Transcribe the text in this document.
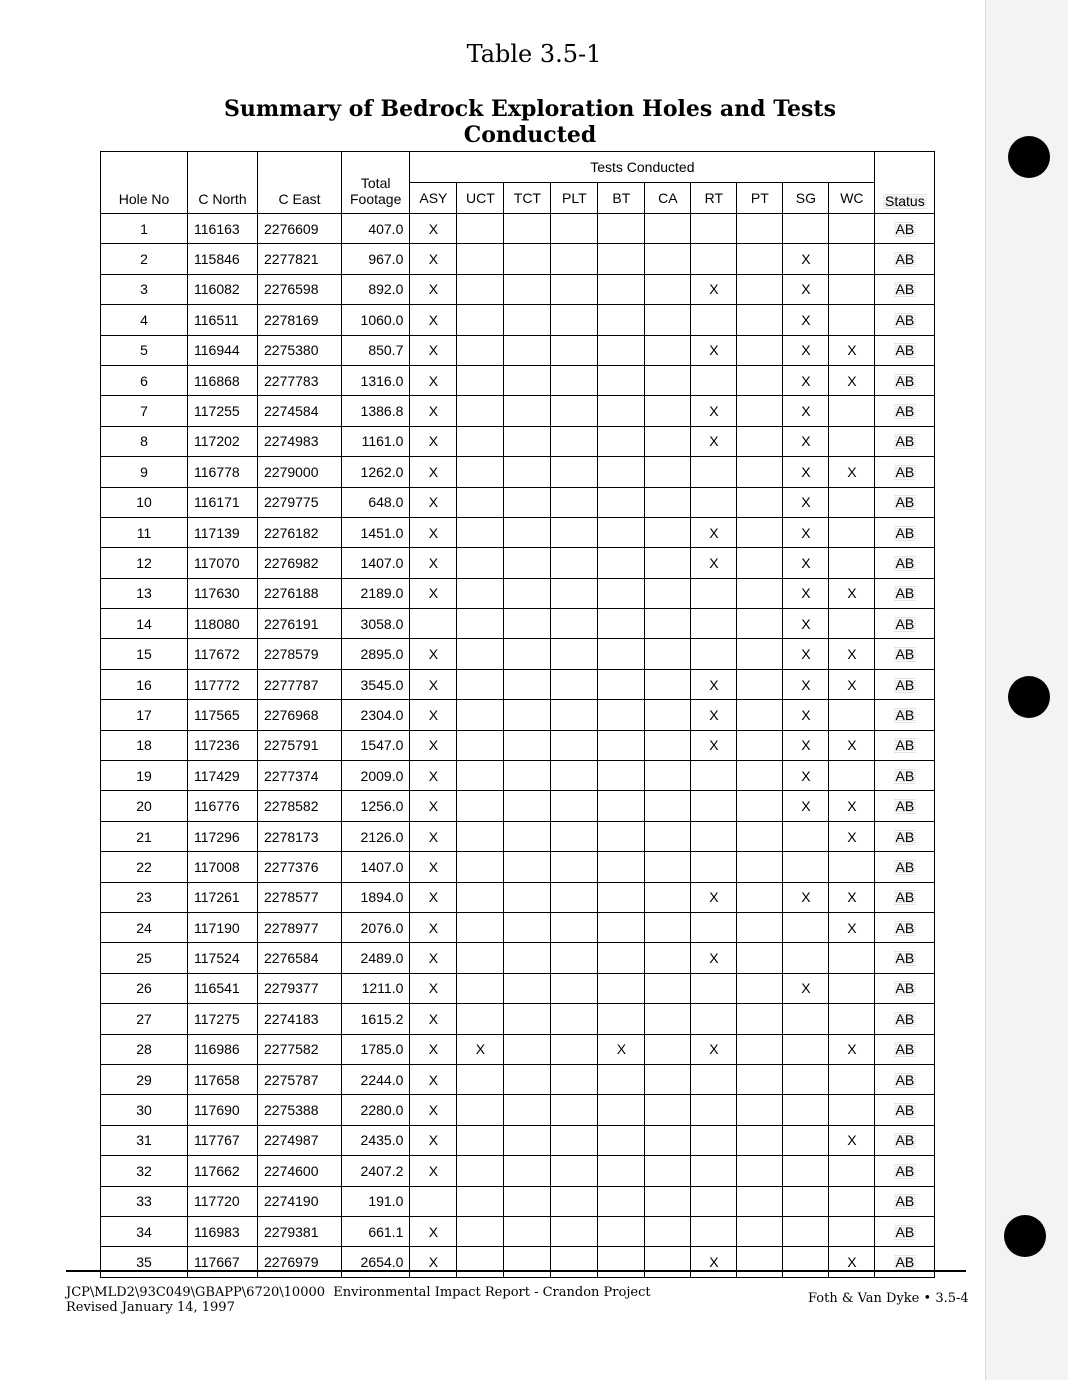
Table 3.5-1
Summary of Bedrock Exploration Holes and Tests Conducted
Hole No	C North	C East	Total Footage	Tests Conducted										Status
				ASY	UCT	TCT	PLT	BT	CA	RT	PT	SG	WC	
1	116163	2276609	407.0	X										AB
2	115846	2277821	967.0	X								X		AB
3	116082	2276598	892.0	X						X		X		AB
4	116511	2278169	1060.0	X								X		AB
5	116944	2275380	850.7	X						X		X	X	AB
6	116868	2277783	1316.0	X								X	X	AB
7	117255	2274584	1386.8	X						X		X		AB
8	117202	2274983	1161.0	X						X		X		AB
9	116778	2279000	1262.0	X								X	X	AB
10	116171	2279775	648.0	X								X		AB
11	117139	2276182	1451.0	X						X		X		AB
12	117070	2276982	1407.0	X						X		X		AB
13	117630	2276188	2189.0	X								X	X	AB
14	118080	2276191	3058.0									X		AB
15	117672	2278579	2895.0	X								X	X	AB
16	117772	2277787	3545.0	X						X		X	X	AB
17	117565	2276968	2304.0	X						X		X		AB
18	117236	2275791	1547.0	X						X		X	X	AB
19	117429	2277374	2009.0	X								X		AB
20	116776	2278582	1256.0	X								X	X	AB
21	117296	2278173	2126.0	X									X	AB
22	117008	2277376	1407.0	X										AB
23	117261	2278577	1894.0	X						X		X	X	AB
24	117190	2278977	2076.0	X									X	AB
25	117524	2276584	2489.0	X						X				AB
26	116541	2279377	1211.0	X								X		AB
27	117275	2274183	1615.2	X										AB
28	116986	2277582	1785.0	X	X			X		X			X	AB
29	117658	2275787	2244.0	X										AB
30	117690	2275388	2280.0	X										AB
31	117767	2274987	2435.0	X									X	AB
32	117662	2274600	2407.2	X										AB
33	117720	2274190	191.0											AB
34	116983	2279381	661.1	X										AB
35	117667	2276979	2654.0	X						X			X	AB
JCP\MLD2\93C049\GBAPP\6720\10000 Environmental Impact Report - Crandon Project
Revised January 14, 1997
Foth & Van Dyke • 3.5-4
